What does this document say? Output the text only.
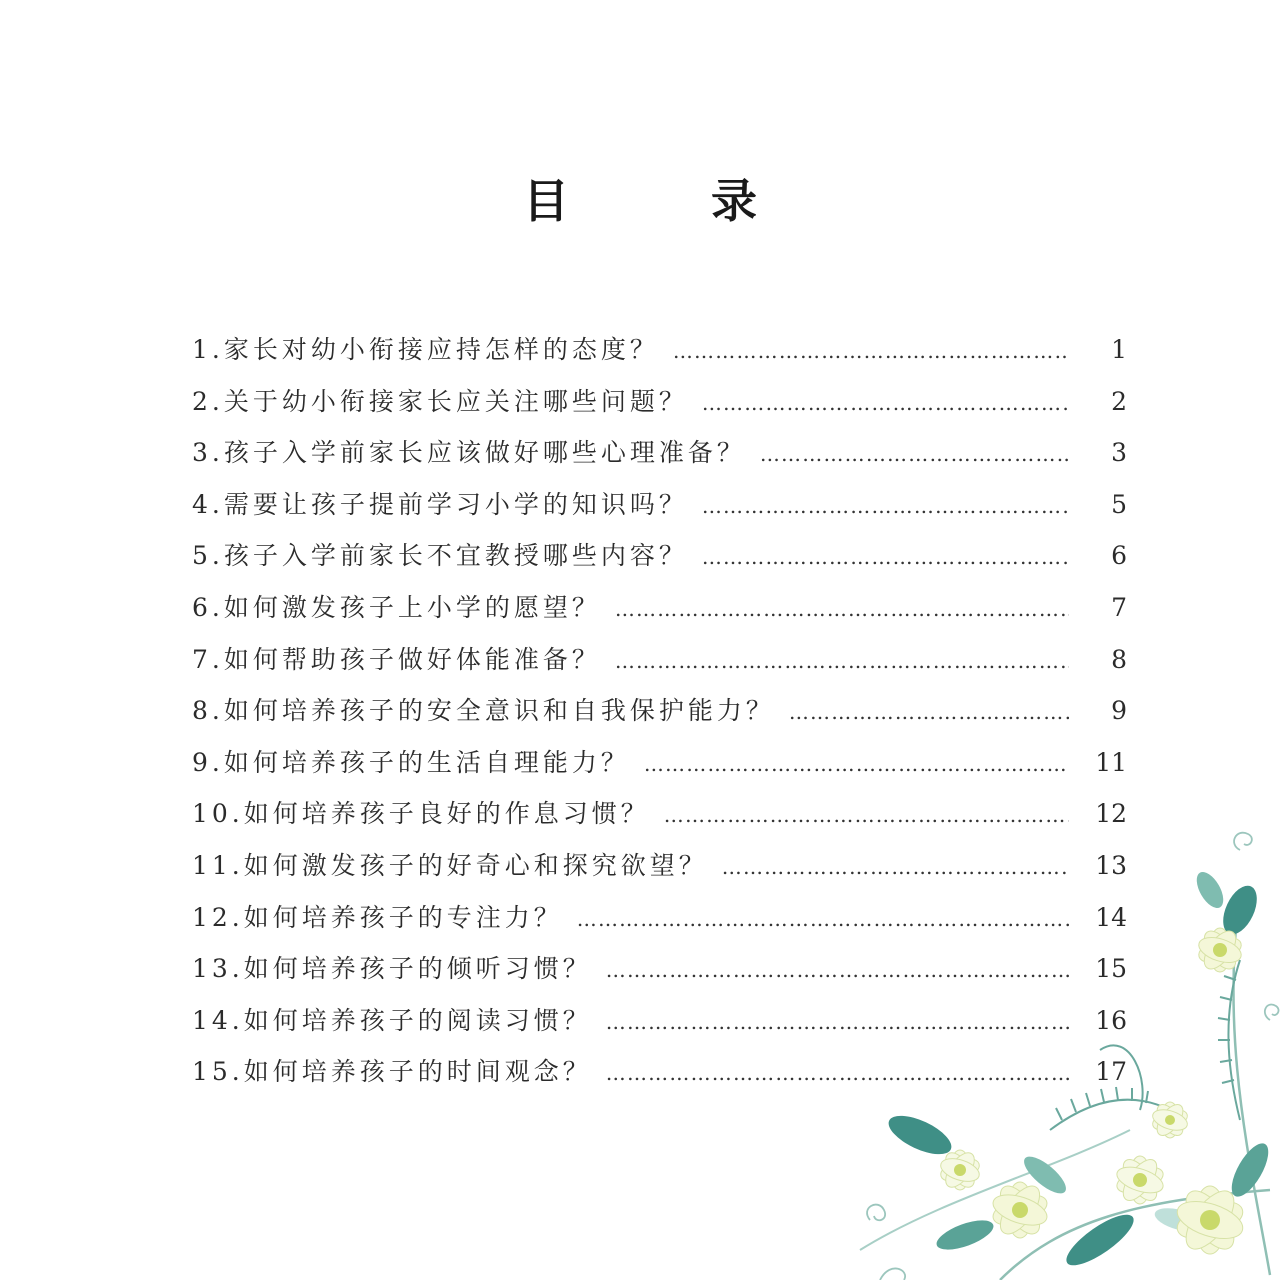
目　录
1.家长对幼小衔接应持怎样的态度？ ……………………………………………………………………………………………………………………………………………………	1
2.关于幼小衔接家长应关注哪些问题？ ……………………………………………………………………………………………………………………………………………………	2
3.孩子入学前家长应该做好哪些心理准备？ ……………………………………………………………………………………………………………………………………………………	3
4.需要让孩子提前学习小学的知识吗？ ……………………………………………………………………………………………………………………………………………………	5
5.孩子入学前家长不宜教授哪些内容？ ……………………………………………………………………………………………………………………………………………………	6
6.如何激发孩子上小学的愿望？ ……………………………………………………………………………………………………………………………………………………	7
7.如何帮助孩子做好体能准备？ ……………………………………………………………………………………………………………………………………………………	8
8.如何培养孩子的安全意识和自我保护能力？ ……………………………………………………………………………………………………………………………………………………	9
9.如何培养孩子的生活自理能力？ ……………………………………………………………………………………………………………………………………………………	11
10.如何培养孩子良好的作息习惯？ ……………………………………………………………………………………………………………………………………………………	12
11.如何激发孩子的好奇心和探究欲望？ ……………………………………………………………………………………………………………………………………………………	13
12.如何培养孩子的专注力？ ……………………………………………………………………………………………………………………………………………………	14
13.如何培养孩子的倾听习惯？ ……………………………………………………………………………………………………………………………………………………	15
14.如何培养孩子的阅读习惯？ ……………………………………………………………………………………………………………………………………………………	16
15.如何培养孩子的时间观念？ ……………………………………………………………………………………………………………………………………………………	17
